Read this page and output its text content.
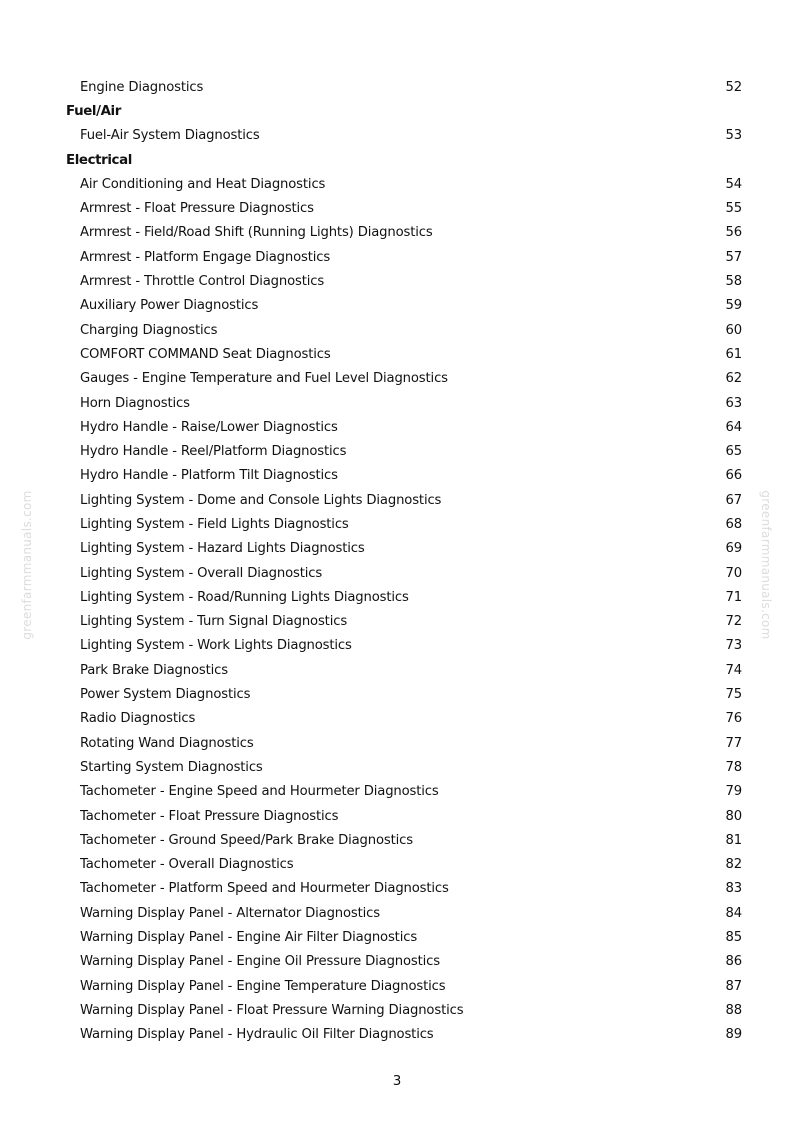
greenfarmmanuals.com	greenfarmmanuals.com
Engine Diagnostics	52
Fuel/Air
Fuel-Air System Diagnostics	53
Electrical
Air Conditioning and Heat Diagnostics	54
Armrest - Float Pressure Diagnostics	55
Armrest - Field/Road Shift (Running Lights) Diagnostics	56
Armrest - Platform Engage Diagnostics	57
Armrest - Throttle Control Diagnostics	58
Auxiliary Power Diagnostics	59
Charging Diagnostics	60
COMFORT COMMAND Seat Diagnostics	61
Gauges - Engine Temperature and Fuel Level Diagnostics	62
Horn Diagnostics	63
Hydro Handle - Raise/Lower Diagnostics	64
Hydro Handle - Reel/Platform Diagnostics	65
Hydro Handle - Platform Tilt Diagnostics	66
Lighting System - Dome and Console Lights Diagnostics	67
Lighting System - Field Lights Diagnostics	68
Lighting System - Hazard Lights Diagnostics	69
Lighting System - Overall Diagnostics	70
Lighting System - Road/Running Lights Diagnostics	71
Lighting System - Turn Signal Diagnostics	72
Lighting System - Work Lights Diagnostics	73
Park Brake Diagnostics	74
Power System Diagnostics	75
Radio Diagnostics	76
Rotating Wand Diagnostics	77
Starting System Diagnostics	78
Tachometer - Engine Speed and Hourmeter Diagnostics	79
Tachometer - Float Pressure Diagnostics	80
Tachometer - Ground Speed/Park Brake Diagnostics	81
Tachometer - Overall Diagnostics	82
Tachometer - Platform Speed and Hourmeter Diagnostics	83
Warning Display Panel - Alternator Diagnostics	84
Warning Display Panel - Engine Air Filter Diagnostics	85
Warning Display Panel - Engine Oil Pressure Diagnostics	86
Warning Display Panel - Engine Temperature Diagnostics	87
Warning Display Panel - Float Pressure Warning Diagnostics	88
Warning Display Panel - Hydraulic Oil Filter Diagnostics	89
3
